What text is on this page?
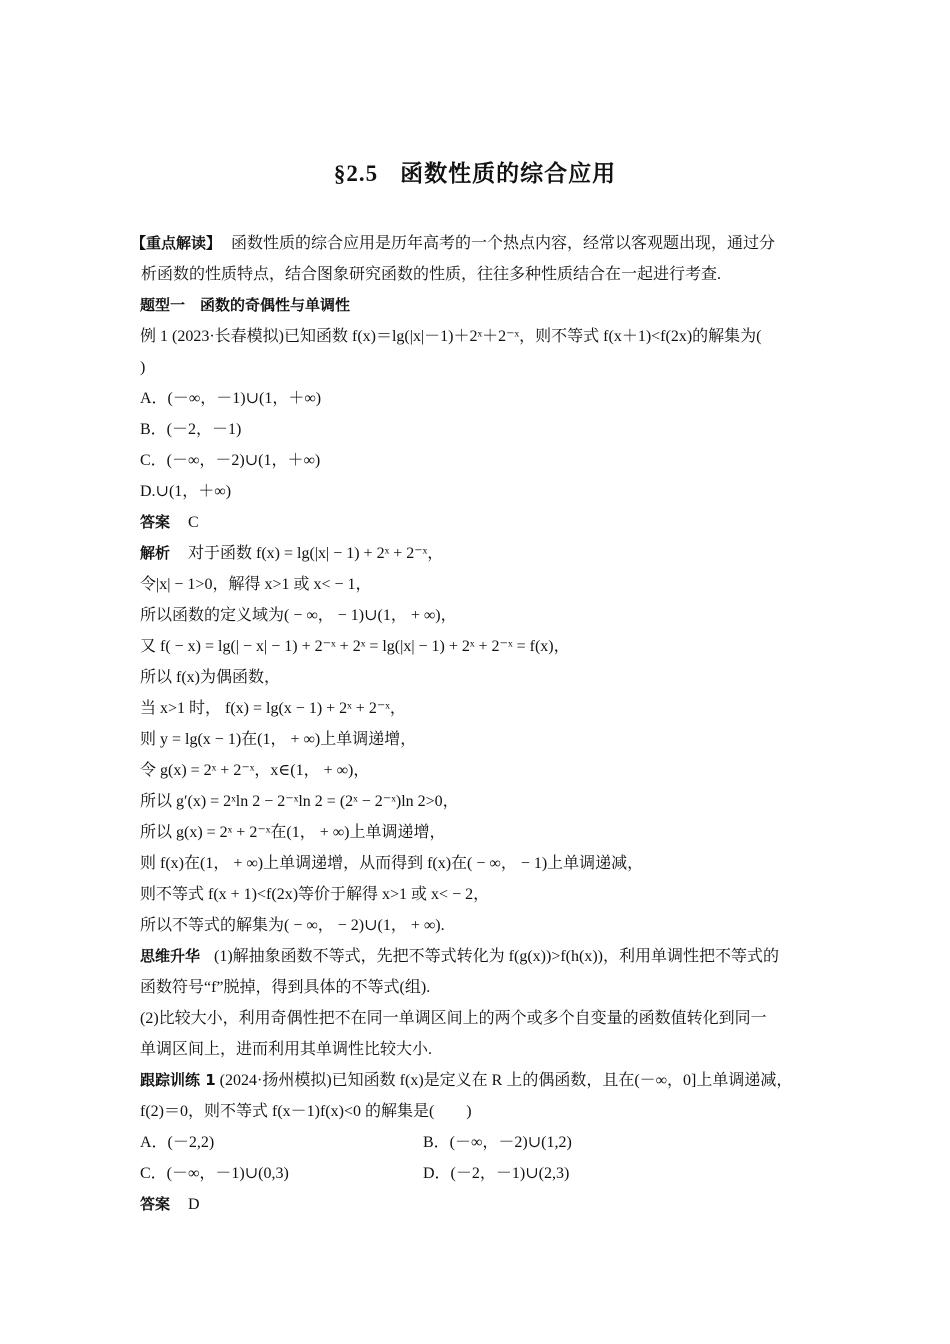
§2.5 函数性质的综合应用
【重点解读】 函数性质的综合应用是历年高考的一个热点内容，经常以客观题出现，通过分
析函数的性质特点，结合图象研究函数的性质，往往多种性质结合在一起进行考查.
题型一　函数的奇偶性与单调性
例 1 (2023·长春模拟)已知函数 f(x)＝lg(|x|－1)＋2ˣ＋2⁻ˣ，则不等式 f(x＋1)<f(2x)的解集为(
)
A．(－∞，－1)∪(1，＋∞)
B．(－2，－1)
C．(－∞，－2)∪(1，＋∞)
D.∪(1，＋∞)
答案 C
解析 对于函数 f(x) = lg(|x| − 1) + 2ˣ + 2⁻ˣ，
令|x| − 1>0，解得 x>1 或 x< − 1，
所以函数的定义域为( − ∞， − 1)∪(1， + ∞)，
又 f( − x) = lg(| − x| − 1) + 2⁻ˣ + 2ˣ = lg(|x| − 1) + 2ˣ + 2⁻ˣ = f(x)，
所以 f(x)为偶函数，
当 x>1 时， f(x) = lg(x − 1) + 2ˣ + 2⁻ˣ，
则 y = lg(x − 1)在(1， + ∞)上单调递增，
令 g(x) = 2ˣ + 2⁻ˣ，x∈(1， + ∞)，
所以 g′(x) = 2ˣln 2 − 2⁻ˣln 2 = (2ˣ − 2⁻ˣ)ln 2>0，
所以 g(x) = 2ˣ + 2⁻ˣ在(1， + ∞)上单调递增，
则 f(x)在(1， + ∞)上单调递增，从而得到 f(x)在( − ∞， − 1)上单调递减，
则不等式 f(x + 1)<f(2x)等价于解得 x>1 或 x< − 2，
所以不等式的解集为( − ∞， − 2)∪(1， + ∞).
思维升华 (1)解抽象函数不等式，先把不等式转化为 f(g(x))>f(h(x))，利用单调性把不等式的
函数符号“f”脱掉，得到具体的不等式(组).
(2)比较大小，利用奇偶性把不在同一单调区间上的两个或多个自变量的函数值转化到同一
单调区间上，进而利用其单调性比较大小.
跟踪训练 1 (2024·扬州模拟)已知函数 f(x)是定义在 R 上的偶函数，且在(－∞，0]上单调递减，
f(2)＝0，则不等式 f(x－1)f(x)<0 的解集是(　　)
A．(－2,2)	B．(－∞，－2)∪(1,2)
C．(－∞，－1)∪(0,3)	D．(－2，－1)∪(2,3)
答案 D
